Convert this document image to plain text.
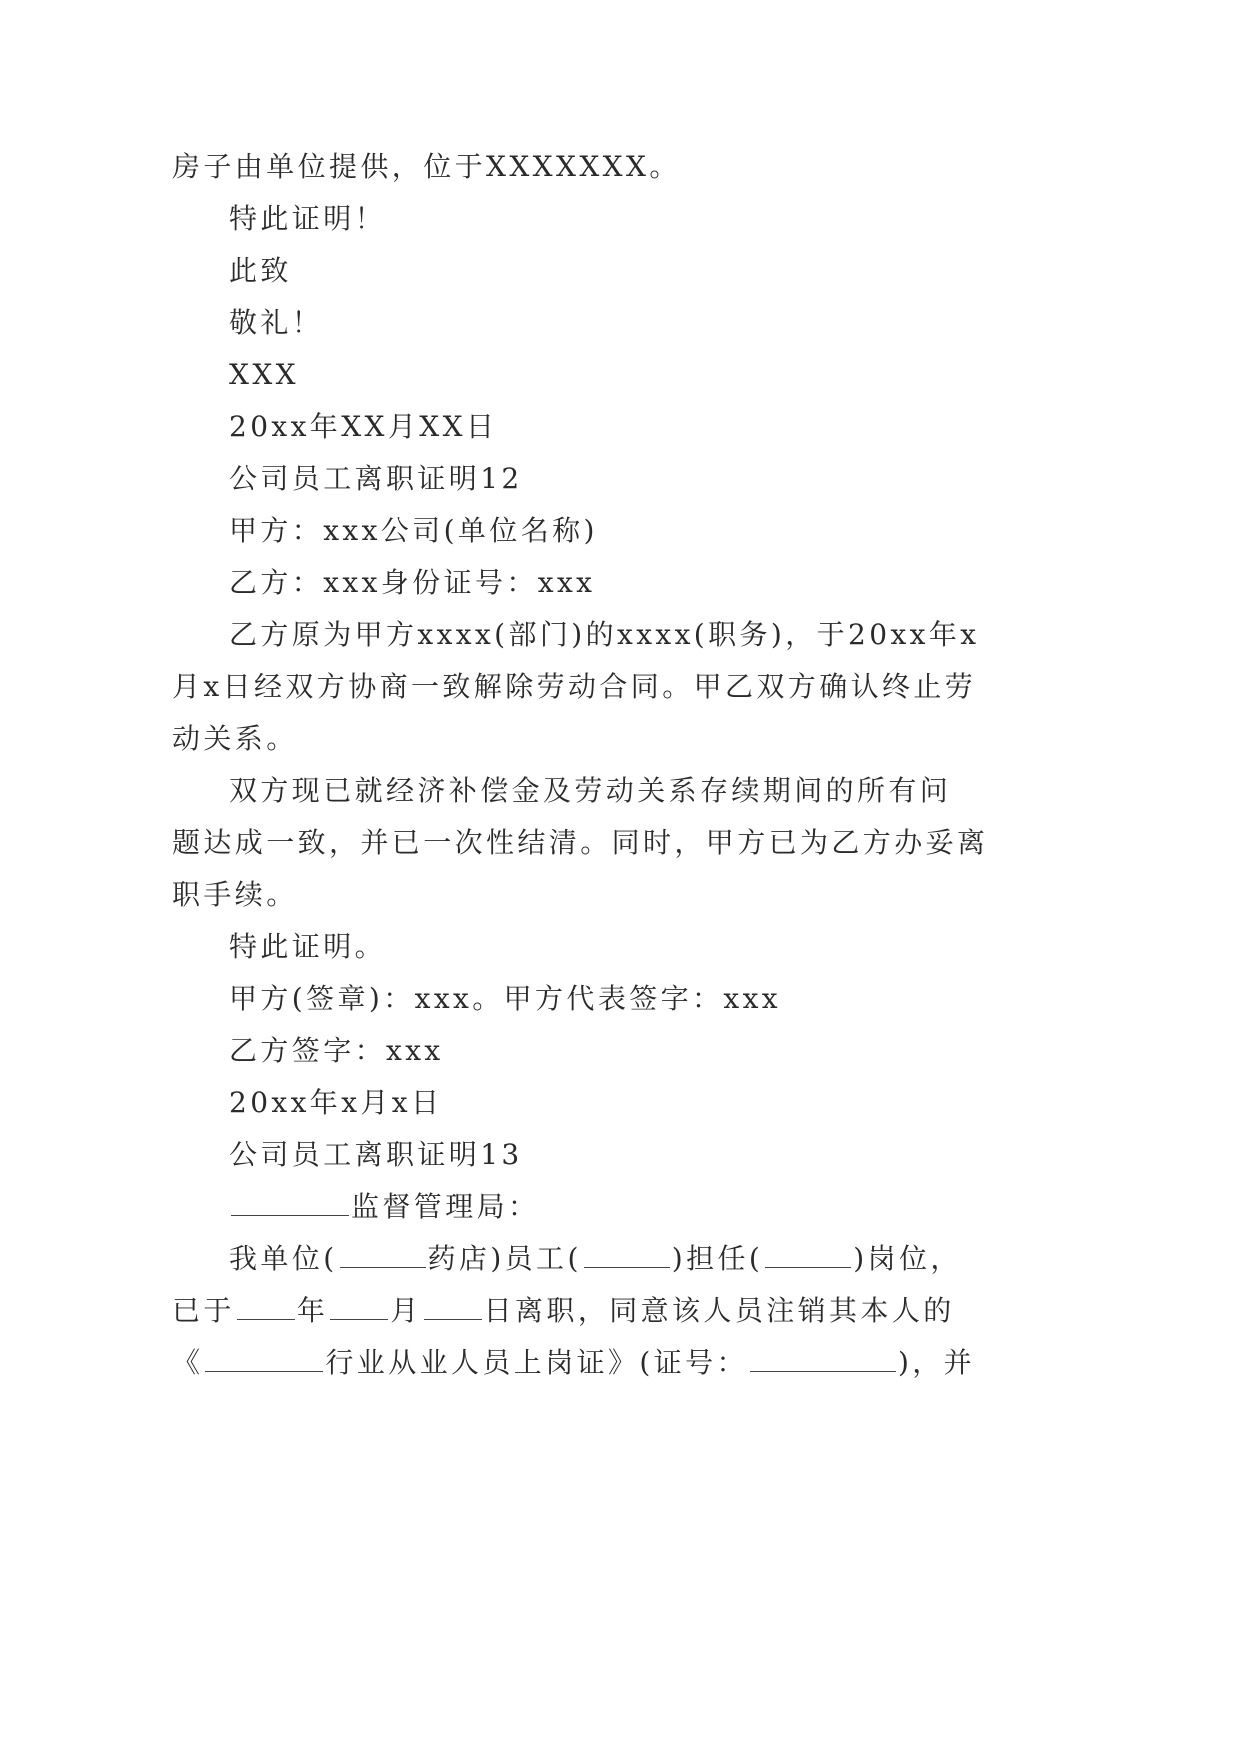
房子由单位提供，位于XXXXXXX。
特此证明！
此致
敬礼！
XXX
20xx年XX月XX日
公司员工离职证明12
甲方：xxx公司(单位名称)
乙方：xxx身份证号：xxx
乙方原为甲方xxxx(部门)的xxxx(职务)，于20xx年x
月x日经双方协商一致解除劳动合同。甲乙双方确认终止劳
动关系。
双方现已就经济补偿金及劳动关系存续期间的所有问
题达成一致，并已一次性结清。同时，甲方已为乙方办妥离
职手续。
特此证明。
甲方(签章)：xxx。甲方代表签字：xxx
乙方签字：xxx
20xx年x月x日
公司员工离职证明13
监督管理局：
我单位(	药店)员工(	)担任(	)岗位，
已于 年 月 日离职，同意该人员注销其本人的
《	行业从业人员上岗证》(证号：	)，并
